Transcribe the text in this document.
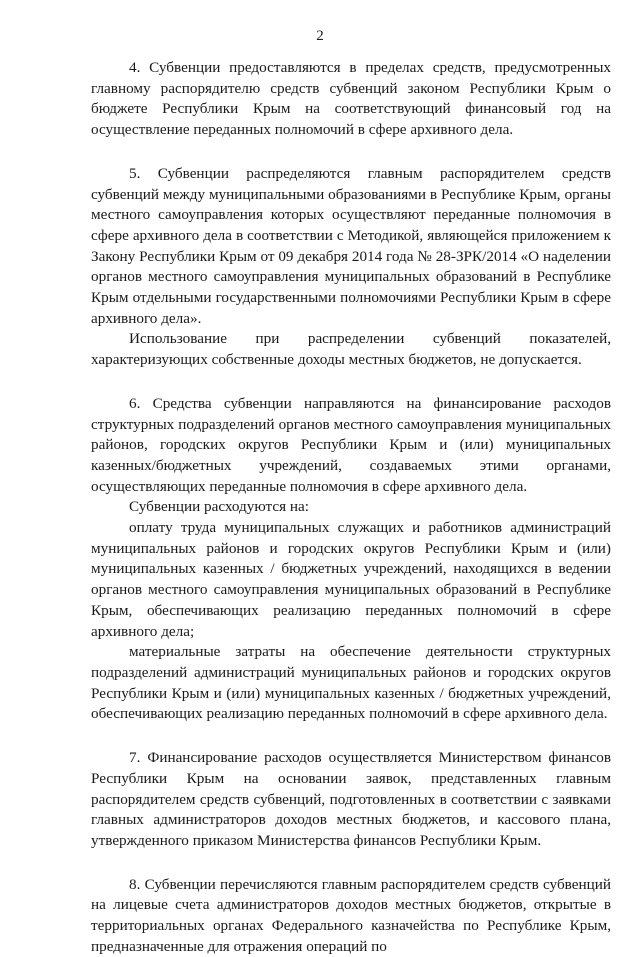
2

4. Субвенции предоставляются в пределах средств, предусмотренных главному распорядителю средств субвенций законом Республики Крым о бюджете Республики Крым на соответствующий финансовый год на осуществление переданных полномочий в сфере архивного дела.

5. Субвенции распределяются главным распорядителем средств субвенций между муниципальными образованиями в Республике Крым, органы местного самоуправления которых осуществляют переданные полномочия в сфере архивного дела в соответствии с Методикой, являющейся приложением к Закону Республики Крым от 09 декабря 2014 года № 28-ЗРК/2014 «О наделении органов местного самоуправления муниципальных образований в Республике Крым отдельными государственными полномочиями Республики Крым в сфере архивного дела».

Использование при распределении субвенций показателей, характеризующих собственные доходы местных бюджетов, не допускается.

6. Средства субвенции направляются на финансирование расходов структурных подразделений органов местного самоуправления муниципальных районов, городских округов Республики Крым и (или) муниципальных казенных/бюджетных учреждений, создаваемых этими органами, осуществляющих переданные полномочия в сфере архивного дела.

Субвенции расходуются на:

оплату труда муниципальных служащих и работников администраций муниципальных районов и городских округов Республики Крым и (или) муниципальных казенных / бюджетных учреждений, находящихся в ведении органов местного самоуправления муниципальных образований в Республике Крым, обеспечивающих реализацию переданных полномочий в сфере архивного дела;

материальные затраты на обеспечение деятельности структурных подразделений администраций муниципальных районов и городских округов Республики Крым и (или) муниципальных казенных / бюджетных учреждений, обеспечивающих реализацию переданных полномочий в сфере архивного дела.

7. Финансирование расходов осуществляется Министерством финансов Республики Крым на основании заявок, представленных главным распорядителем средств субвенций, подготовленных в соответствии с заявками главных администраторов доходов местных бюджетов, и кассового плана, утвержденного приказом Министерства финансов Республики Крым.

8. Субвенции перечисляются главным распорядителем средств субвенций на лицевые счета администраторов доходов местных бюджетов, открытые в территориальных органах Федерального казначейства по Республике Крым, предназначенные для отражения операций по
